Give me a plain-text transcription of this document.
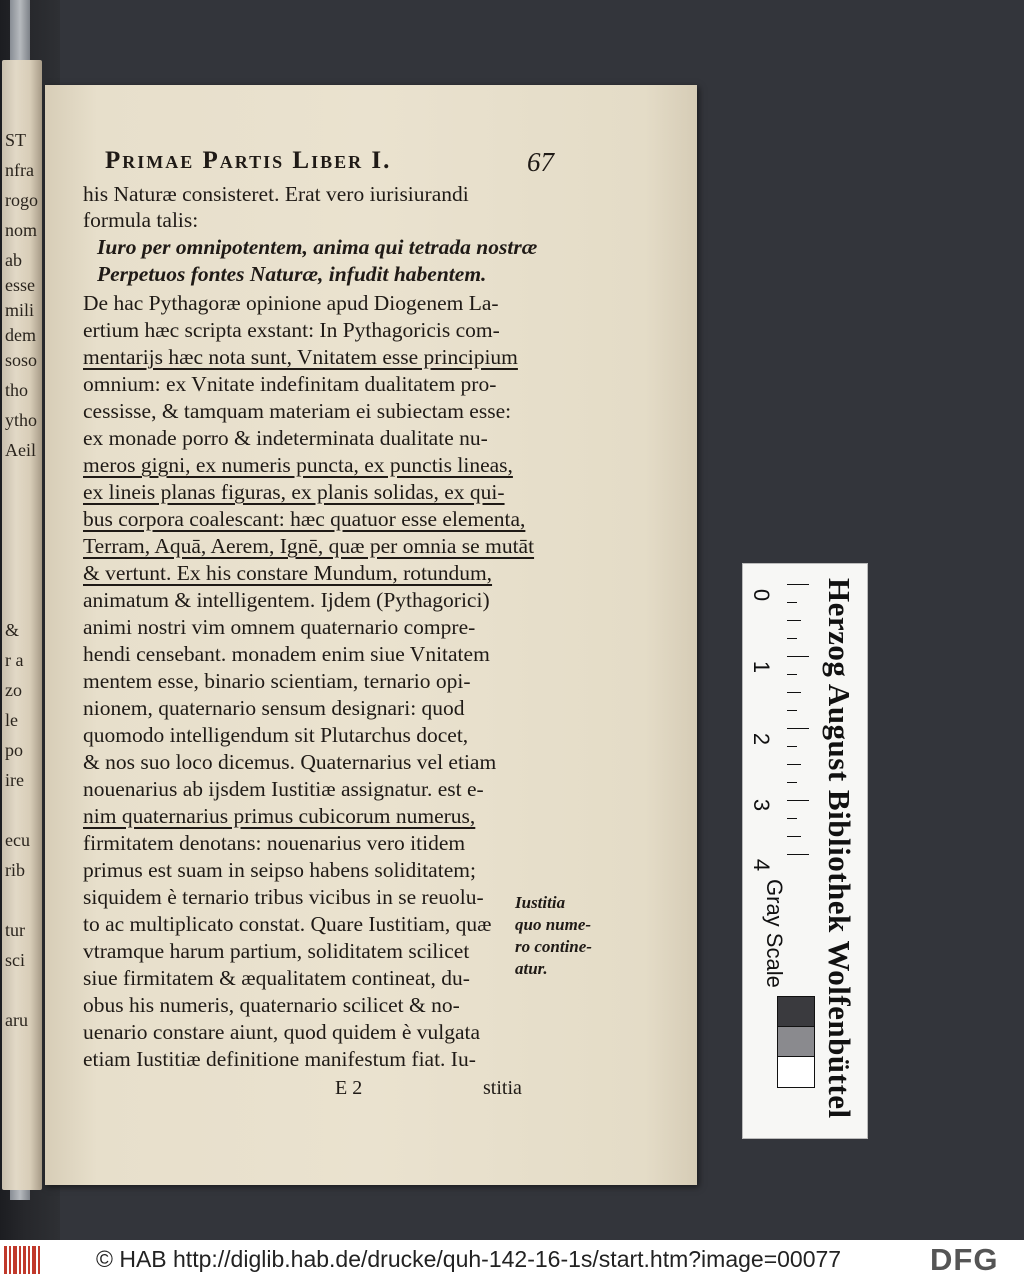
ST
nfra
rogo
nom
ab
esse
mili
dem
soso
tho
ytho
Aeil
&
r a
zo
le
po
ire
ecu
rib
tur
sci
aru
Primae Partis Liber I.	67
his Naturæ consisteret. Erat vero iurisiurandi
formula talis:
Iuro per omnipotentem, anima qui tetrada nostræ
Perpetuos fontes Naturæ, infudit habentem.
De hac Pythagoræ opinione apud Diogenem La-
ertium hæc scripta exstant: In Pythagoricis com-
mentarijs hæc nota sunt, Vnitatem esse principium
omnium: ex Vnitate indefinitam dualitatem pro-
cessisse, & tamquam materiam ei subiectam esse:
ex monade porro & indeterminata dualitate nu-
meros gigni, ex numeris puncta, ex punctis lineas,
ex lineis planas figuras, ex planis solidas, ex qui-
bus corpora coalescant: hæc quatuor esse elementa,
Terram, Aquā, Aerem, Ignē, quæ per omnia se mutāt
& vertunt. Ex his constare Mundum, rotundum,
animatum & intelligentem. Ijdem (Pythagorici)
animi nostri vim omnem quaternario compre-
hendi censebant. monadem enim siue Vnitatem
mentem esse, binario scientiam, ternario opi-
nionem, quaternario sensum designari: quod
quomodo intelligendum sit Plutarchus docet,
& nos suo loco dicemus. Quaternarius vel etiam
nouenarius ab ijsdem Iustitiæ assignatur. est e-
nim quaternarius primus cubicorum numerus,
firmitatem denotans: nouenarius vero itidem
primus est suam in seipso habens soliditatem;
siquidem è ternario tribus vicibus in se reuolu-
to ac multiplicato constat. Quare Iustitiam, quæ
vtramque harum partium, soliditatem scilicet
siue firmitatem & æqualitatem contineat, du-
obus his numeris, quaternario scilicet & no-
uenario constare aiunt, quod quidem è vulgata
etiam Iustitiæ definitione manifestum fiat. Iu-
Iustitia
quo nume-
ro contine-
atur.
E 2	stitia
0
1
2
3
4
Gray Scale Herzog August Bibliothek Wolfenbüttel
© HAB http://diglib.hab.de/drucke/quh-142-16-1s/start.htm?image=00077	DFG
